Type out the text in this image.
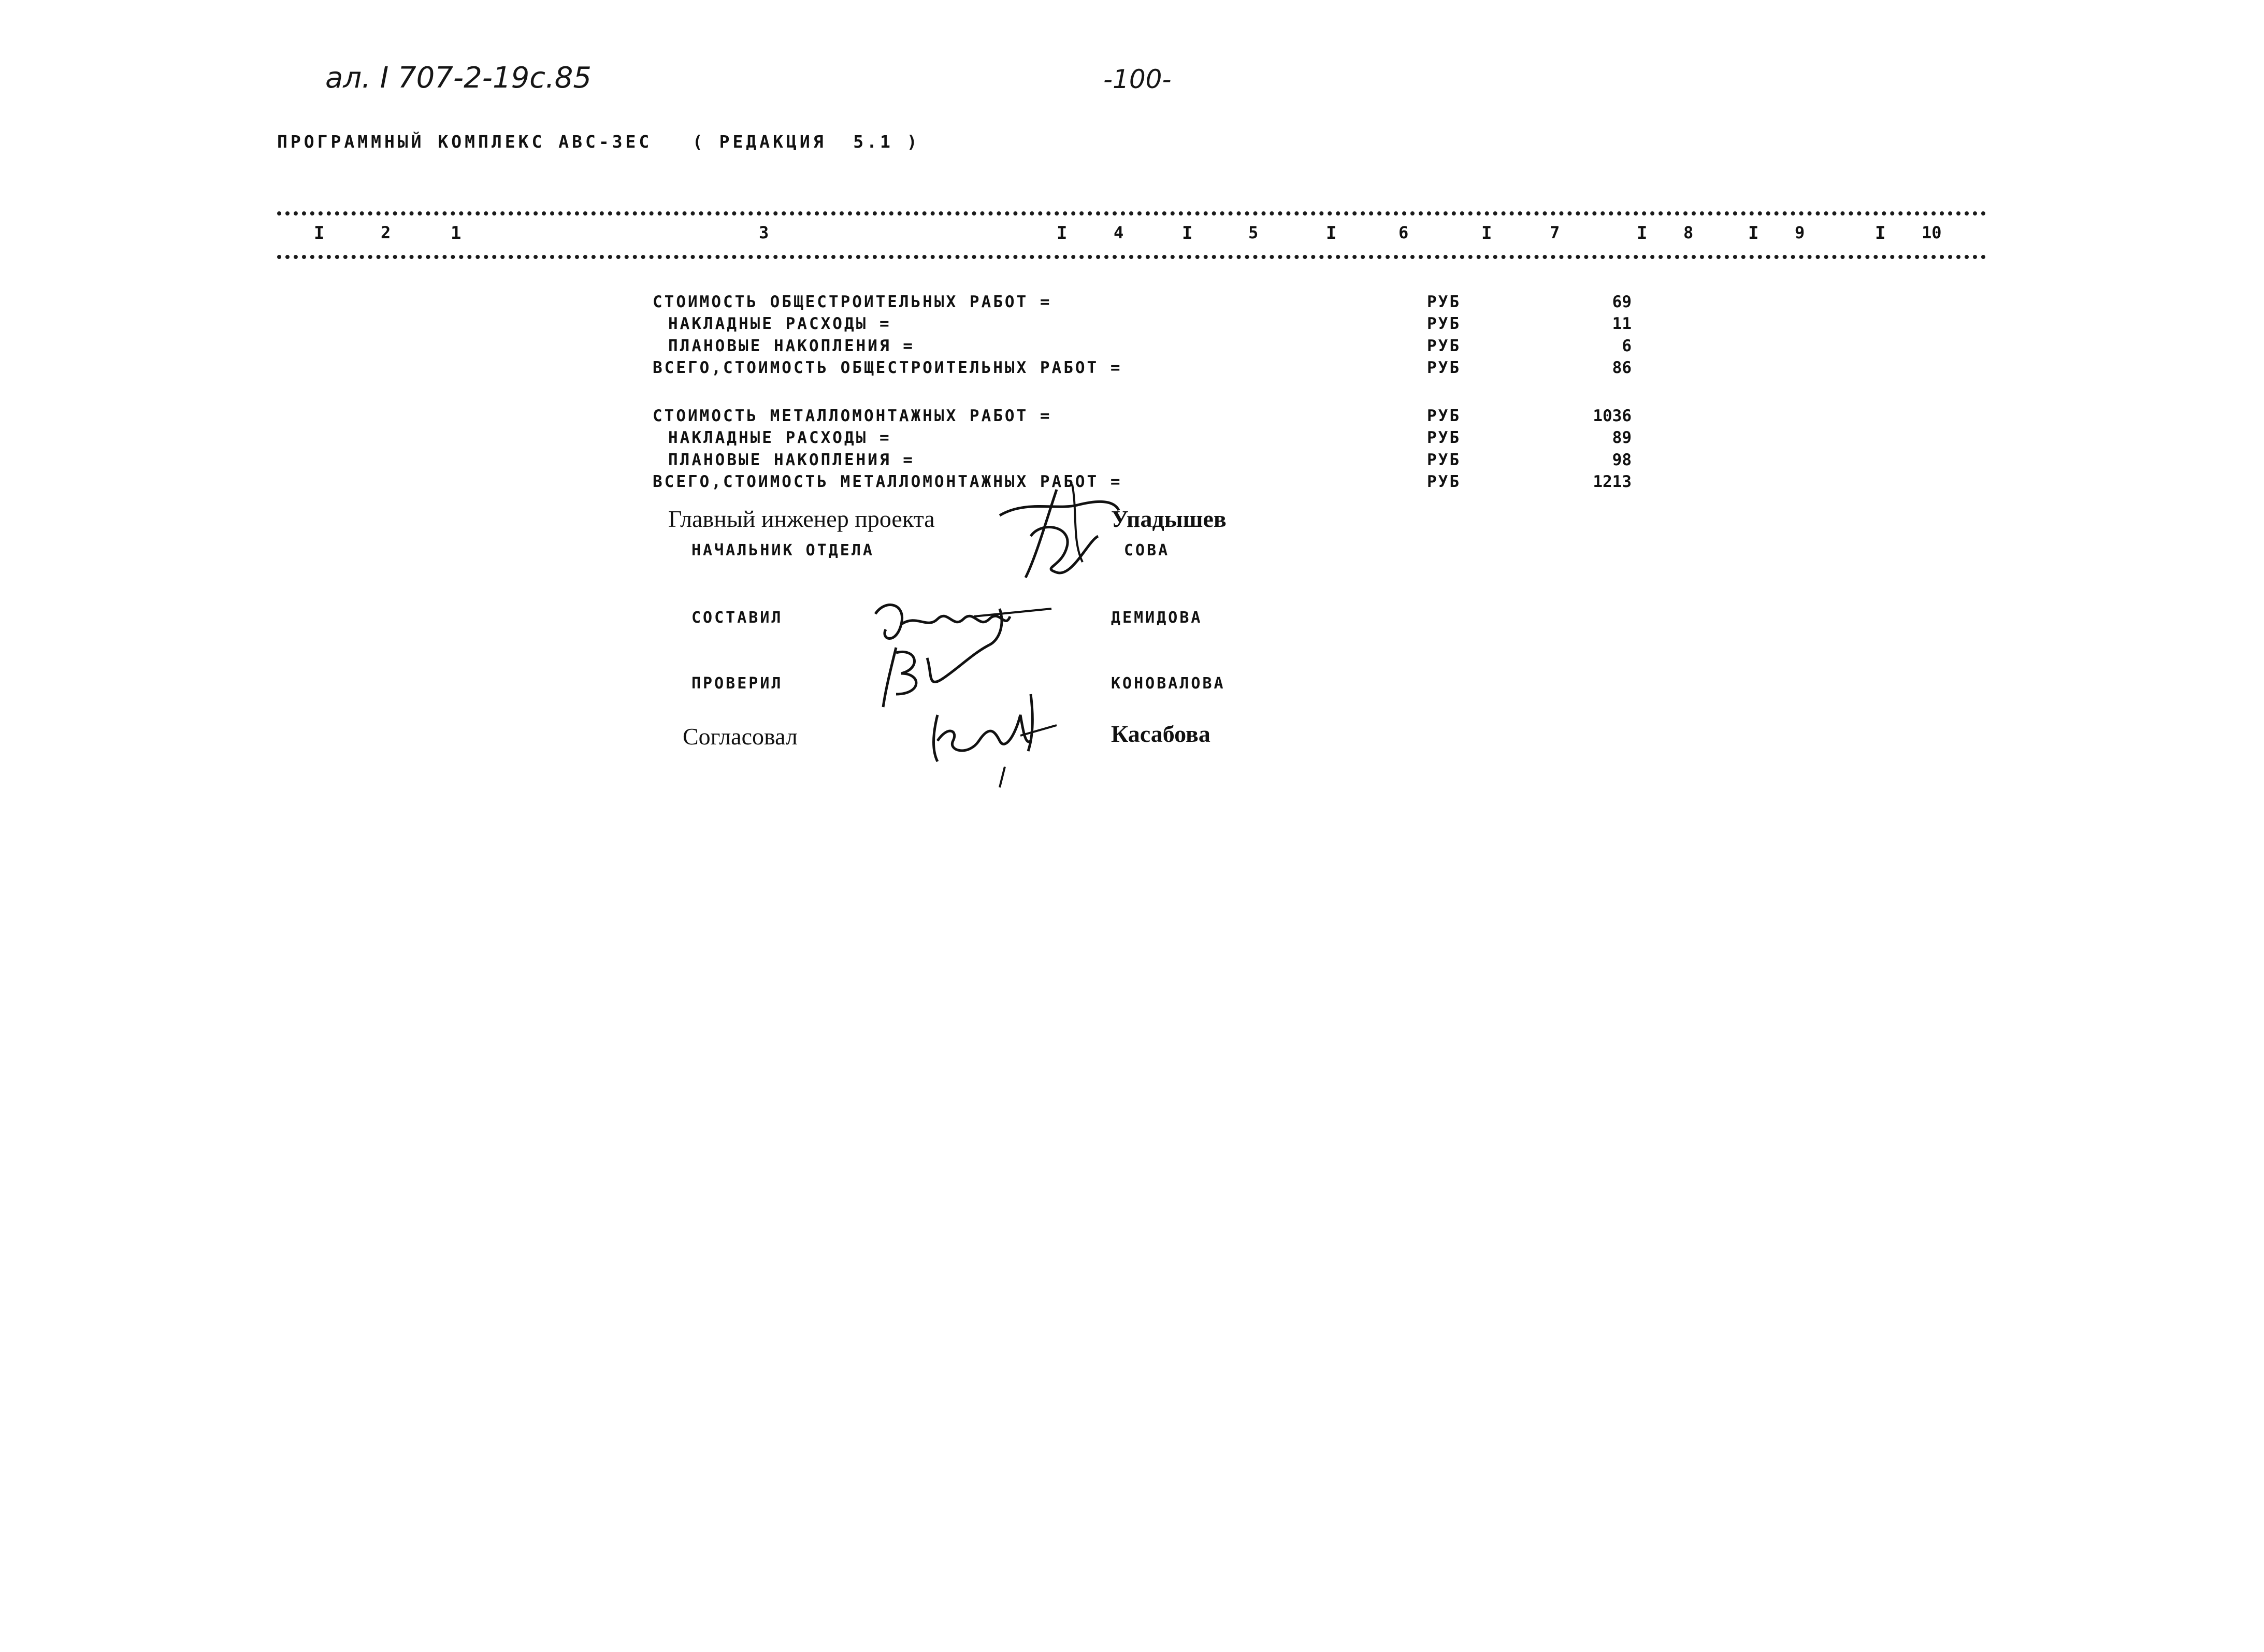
ал. I 707-2-19с.85	-100-
ПРОГРАММНЫЙ КОМПЛЕКС АВС-3ЕС   ( РЕДАКЦИЯ  5.1 )
I	2	1	3	I	4	I	5	I	6	I	7	I 8	I 9	I 10
СТОИМОСТЬ ОБЩЕСТРОИТЕЛЬНЫХ РАБОТ =	РУБ	69
НАКЛАДНЫЕ РАСХОДЫ =	РУБ	11
ПЛАНОВЫЕ НАКОПЛЕНИЯ =	РУБ	6
ВСЕГО,СТОИМОСТЬ ОБЩЕСТРОИТЕЛЬНЫХ РАБОТ =	РУБ	86
СТОИМОСТЬ МЕТАЛЛОМОНТАЖНЫХ РАБОТ =	РУБ	1036
НАКЛАДНЫЕ РАСХОДЫ =	РУБ	89
ПЛАНОВЫЕ НАКОПЛЕНИЯ =	РУБ	98
ВСЕГО,СТОИМОСТЬ МЕТАЛЛОМОНТАЖНЫХ РАБОТ =	РУБ	1213
Главный инженер проекта	Упадышев
НАЧАЛЬНИК ОТДЕЛА	СОВА
СОСТАВИЛ	ДЕМИДОВА
ПРОВЕРИЛ	КОНОВАЛОВА
Согласовал	Касабова
